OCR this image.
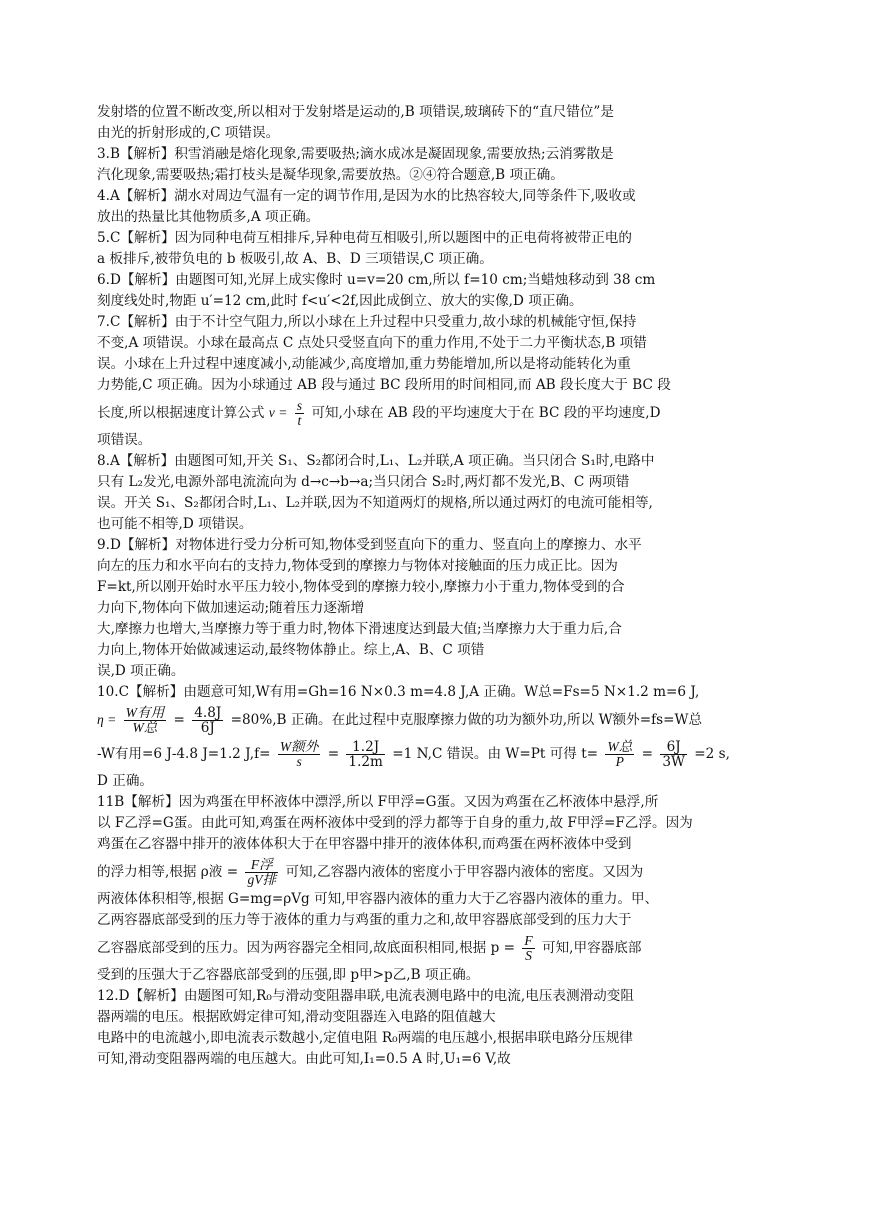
发射塔的位置不断改变,所以相对于发射塔是运动的,B 项错误,玻璃砖下的“直尺错位”是
由光的折射形成的,C 项错误。
3.B【解析】积雪消融是熔化现象,需要吸热;滴水成冰是凝固现象,需要放热;云消雾散是
汽化现象,需要吸热;霜打枝头是凝华现象,需要放热。②④符合题意,B 项正确。
4.A【解析】湖水对周边气温有一定的调节作用,是因为水的比热容较大,同等条件下,吸收或
放出的热量比其他物质多,A 项正确。
5.C【解析】因为同种电荷互相排斥,异种电荷互相吸引,所以题图中的正电荷将被带正电的
a 板排斥,被带负电的 b 板吸引,故 A、B、D 三项错误,C 项正确。
6.D【解析】由题图可知,光屏上成实像时 u=v=20 cm,所以 f=10 cm;当蜡烛移动到 38 cm
刻度线处时,物距 u′=12 cm,此时 f<u′<2f,因此成倒立、放大的实像,D 项正确。
7.C【解析】由于不计空气阻力,所以小球在上升过程中只受重力,故小球的机械能守恒,保持
不变,A 项错误。小球在最高点 C 点处只受竖直向下的重力作用,不处于二力平衡状态,B 项错
误。小球在上升过程中速度减小,动能减少,高度增加,重力势能增加,所以是将动能转化为重
力势能,C 项正确。因为小球通过 AB 段与通过 BC 段所用的时间相同,而 AB 段长度大于 BC 段
长度,所以根据速度计算公式 $v = \frac{s}{t}$ 可知,小球在 AB 段的平均速度大于在 BC 段的平均速度,D
项错误。
8.A【解析】由题图可知,开关 S₁、S₂都闭合时,L₁、L₂并联,A 项正确。当只闭合 S₁时,电路中
只有 L₂发光,电源外部电流流向为 d→c→b→a;当只闭合 S₂时,两灯都不发光,B、C 两项错
误。开关 S₁、S₂都闭合时,L₁、L₂并联,因为不知道两灯的规格,所以通过两灯的电流可能相等,
也可能不相等,D 项错误。
9.D【解析】对物体进行受力分析可知,物体受到竖直向下的重力、竖直向上的摩擦力、水平
向左的压力和水平向右的支持力,物体受到的摩擦力与物体对接触面的压力成正比。因为
F=kt,所以刚开始时水平压力较小,物体受到的摩擦力较小,摩擦力小于重力,物体受到的合
力向下,物体向下做加速运动;随着压力逐渐增
大,摩擦力也增大,当摩擦力等于重力时,物体下滑速度达到最大值;当摩擦力大于重力后,合
力向上,物体开始做减速运动,最终物体静止。综上,A、B、C 项错
误,D 项正确。
10.C【解析】由题意可知,W有用=Gh=16 N×0.3 m=4.8 J,A 正确。W总=Fs=5 N×1.2 m=6 J,
$\eta = \frac{\text{W有用}}{\text{W总}} = \frac{4.8J}{6J} =80\%,B$ 正确。在此过程中克服摩擦力做的功为额外功,所以 W额外=fs=W总
-W有用=6 J-4.8 J=1.2 $J,f= \frac{\text{W额外}}{s} = \frac{1.2J}{1.2m} =1$ N,C 错误。由 W=Pt 可得 $t= \frac{\text{W总}}{P} = \frac{6J}{3W} =2$ s,
D 正确。
11B【解析】因为鸡蛋在甲杯液体中漂浮,所以 F甲浮=G蛋。又因为鸡蛋在乙杯液体中悬浮,所
以 F乙浮=G蛋。由此可知,鸡蛋在两杯液体中受到的浮力都等于自身的重力,故 F甲浮=F乙浮。因为
鸡蛋在乙容器中排开的液体体积大于在甲容器中排开的液体体积,而鸡蛋在两杯液体中受到
的浮力相等,根据 ρ液 = $\frac{\text{F浮}}{\text{gV排}}$ 可知,乙容器内液体的密度小于甲容器内液体的密度。又因为
两液体体积相等,根据 G=mg=ρVg 可知,甲容器内液体的重力大于乙容器内液体的重力。甲、
乙两容器底部受到的压力等于液体的重力与鸡蛋的重力之和,故甲容器底部受到的压力大于
乙容器底部受到的压力。因为两容器完全相同,故底面积相同,根据 $p = \frac{F}{S}$ 可知,甲容器底部
受到的压强大于乙容器底部受到的压强,即 p甲>p乙,B 项正确。
12.D【解析】由题图可知,R₀与滑动变阻器串联,电流表测电路中的电流,电压表测滑动变阻
器两端的电压。根据欧姆定律可知,滑动变阻器连入电路的阻值越大
电路中的电流越小,即电流表示数越小,定值电阻 R₀两端的电压越小,根据串联电路分压规律
可知,滑动变阻器两端的电压越大。由此可知,I₁=0.5 A 时,U₁=6 V,故
